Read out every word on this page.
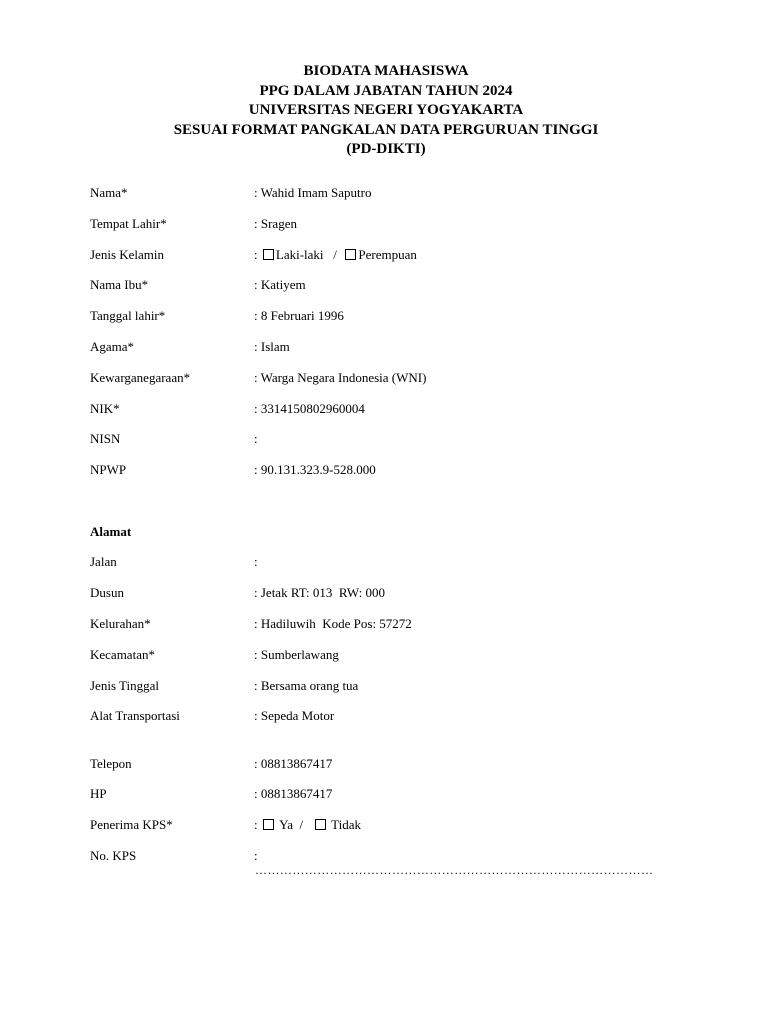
BIODATA MAHASISWA
PPG DALAM JABATAN TAHUN 2024
UNIVERSITAS NEGERI YOGYAKARTA
SESUAI FORMAT PANGKALAN DATA PERGURUAN TINGGI
(PD-DIKTI)
Nama*	: Wahid Imam Saputro
Tempat Lahir*	: Sragen
Jenis Kelamin	: Laki-laki / Perempuan
Nama Ibu*	: Katiyem
Tanggal lahir*	: 8 Februari 1996
Agama*	: Islam
Kewarganegaraan*	: Warga Negara Indonesia (WNI)
NIK*	: 3314150802960004
NISN	:
NPWP	: 90.131.323.9-528.000
Alamat
Jalan	:
Dusun	: Jetak RT: 013  RW: 000
Kelurahan*	: Hadiluwih  Kode Pos: 57272
Kecamatan*	: Sumberlawang
Jenis Tinggal	: Bersama orang tua
Alat Transportasi	: Sepeda Motor
Telepon	: 08813867417
HP	: 08813867417
Penerima KPS*	: Ya / Tidak
No. KPS	:
……………………………………………………………………………………
